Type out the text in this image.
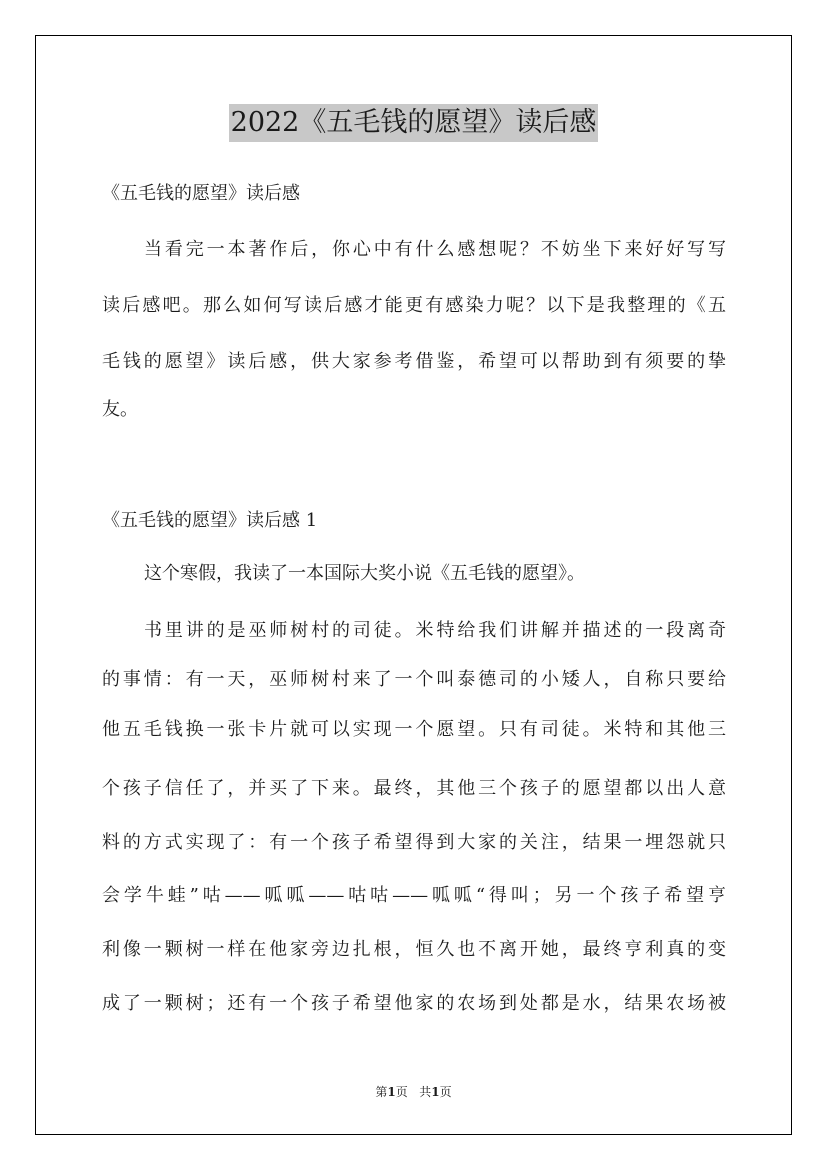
2022《五毛钱的愿望》读后感
《五毛钱的愿望》读后感
当看完一本著作后，你心中有什么感想呢？不妨坐下来好好写写
读后感吧。那么如何写读后感才能更有感染力呢？以下是我整理的《五
毛钱的愿望》读后感，供大家参考借鉴，希望可以帮助到有须要的挚
友。
《五毛钱的愿望》读后感 1
这个寒假，我读了一本国际大奖小说《五毛钱的愿望》。
书里讲的是巫师树村的司徒。米特给我们讲解并描述的一段离奇
的事情：有一天，巫师树村来了一个叫泰德司的小矮人，自称只要给
他五毛钱换一张卡片就可以实现一个愿望。只有司徒。米特和其他三
个孩子信任了，并买了下来。最终，其他三个孩子的愿望都以出人意
料的方式实现了：有一个孩子希望得到大家的关注，结果一埋怨就只
会学牛蛙”咕——呱呱——咕咕——呱呱“得叫；另一个孩子希望亨
利像一颗树一样在他家旁边扎根，恒久也不离开她，最终亨利真的变
成了一颗树；还有一个孩子希望他家的农场到处都是水，结果农场被
第1页 共1页
